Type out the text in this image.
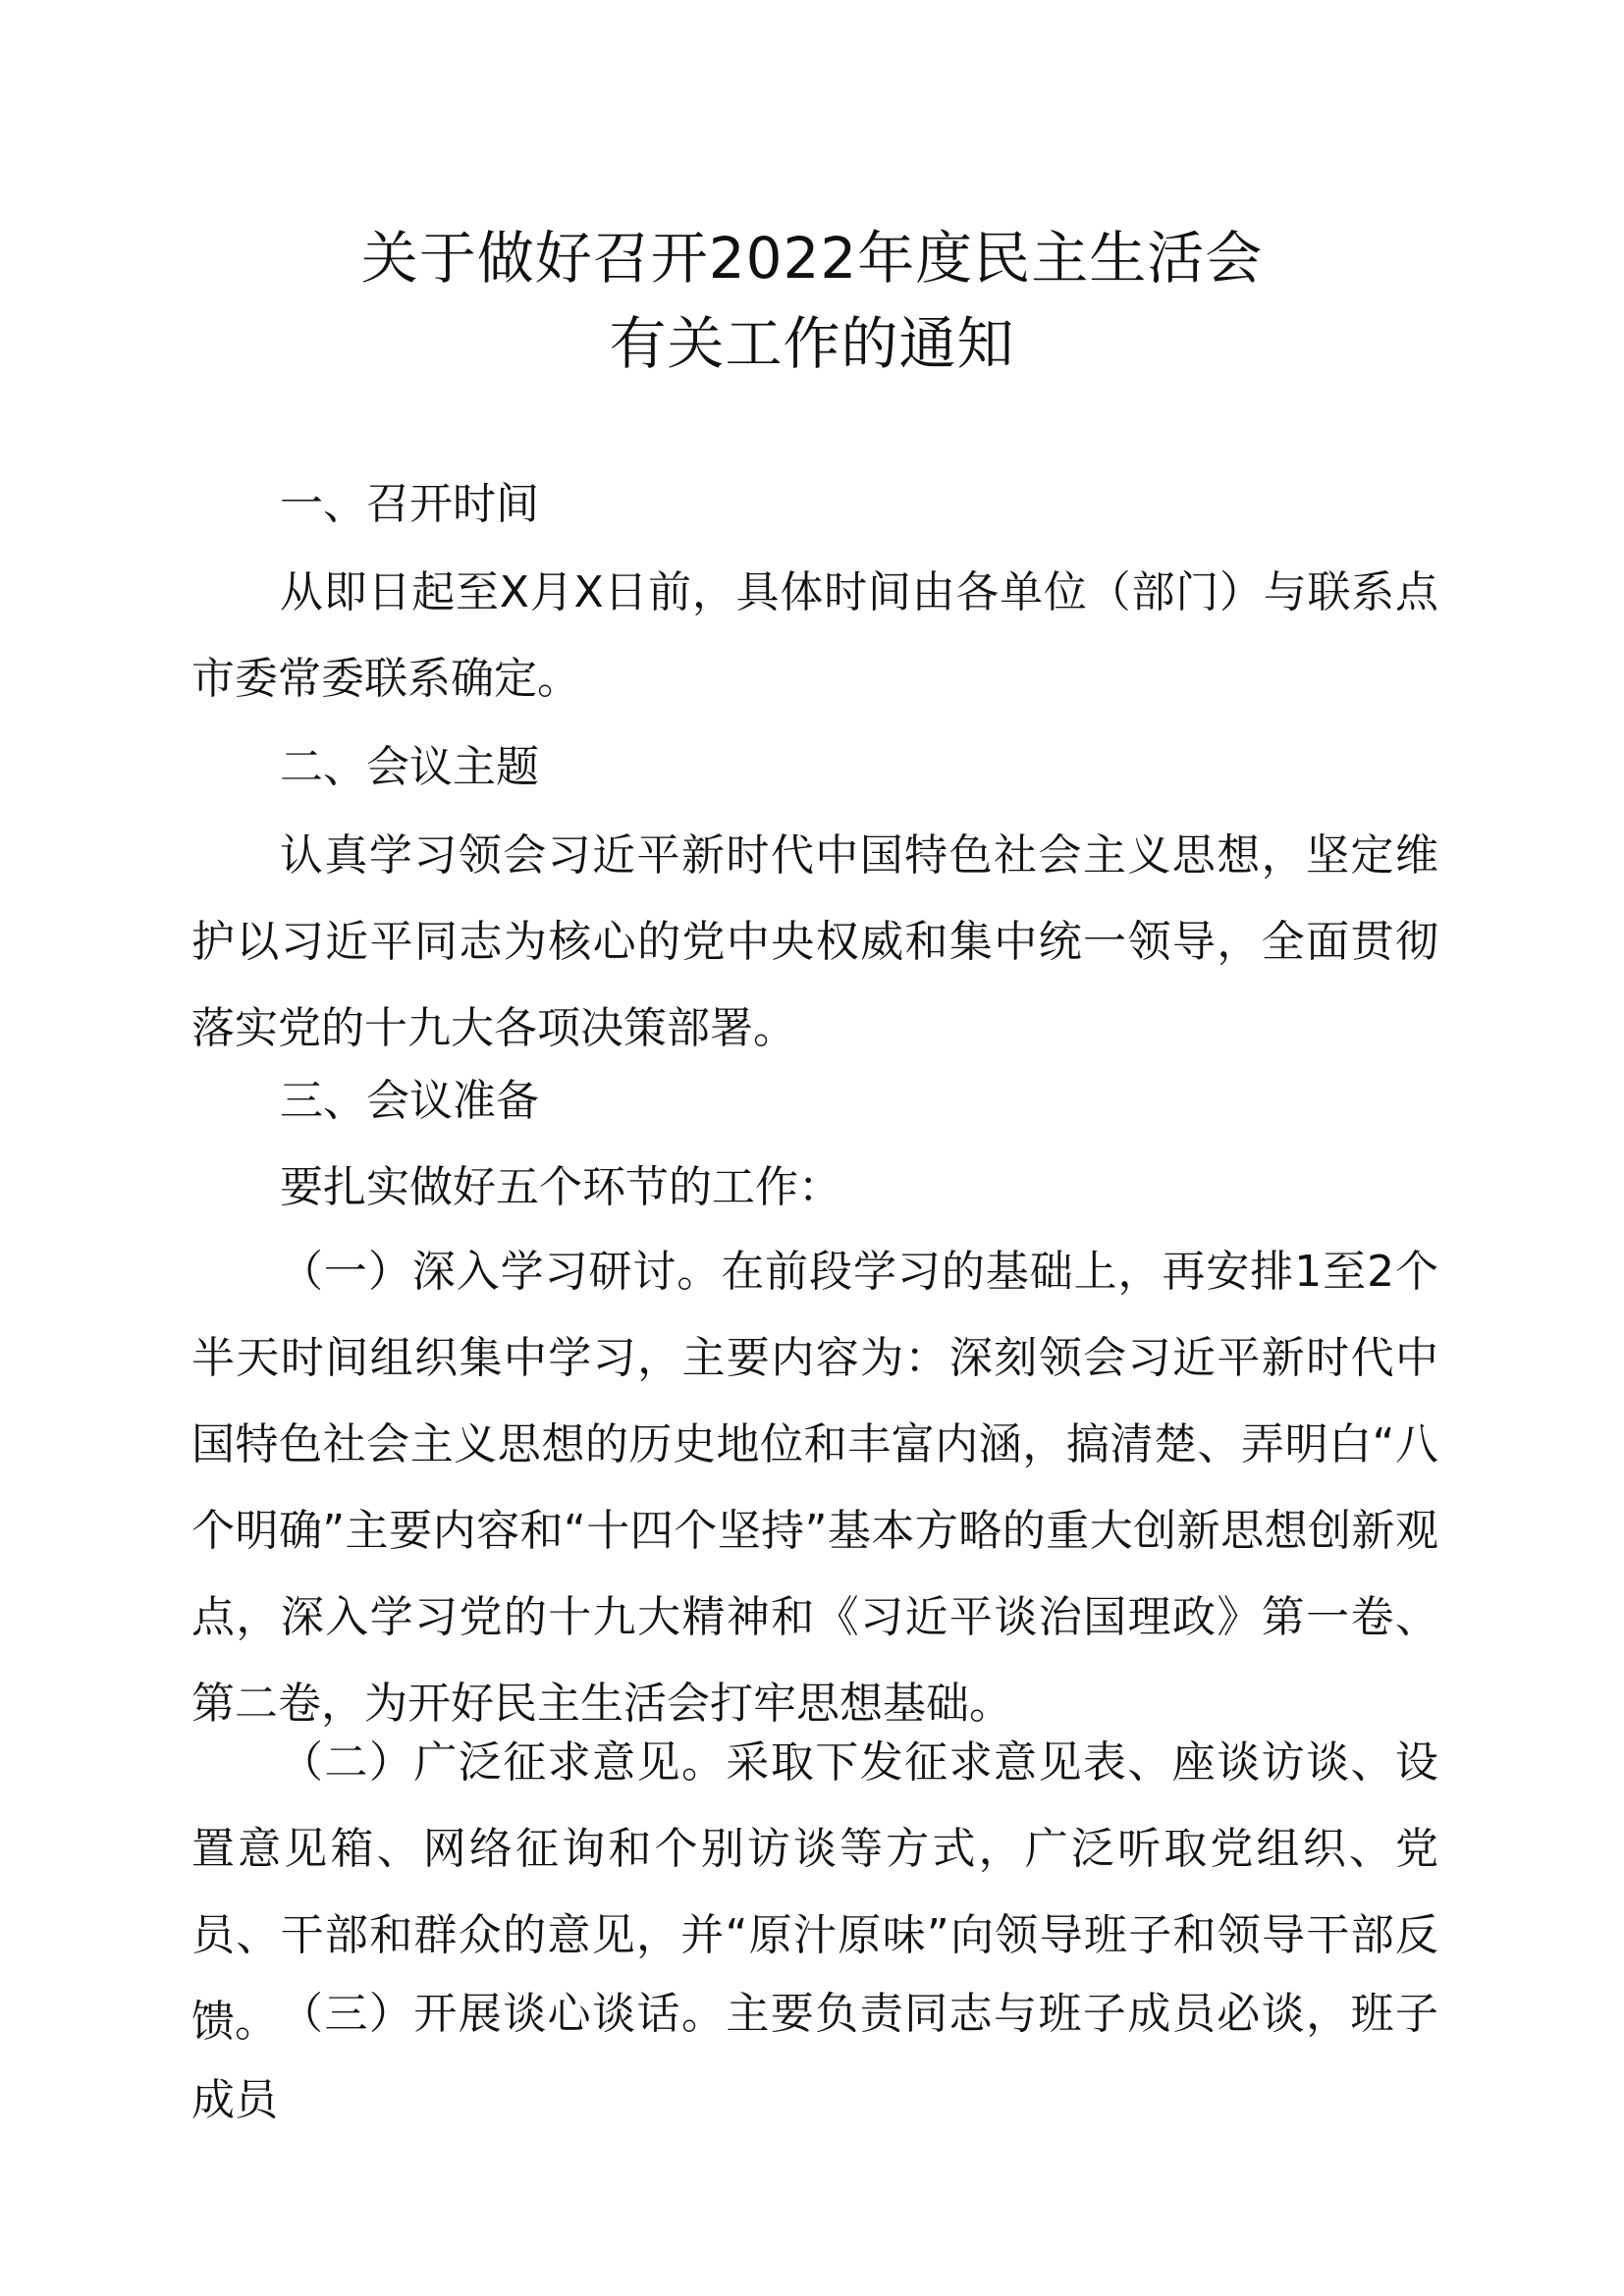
关于做好召开2022年度民主生活会
有关工作的通知
一、召开时间
从即日起至X月X日前，具体时间由各单位（部门）与联系点市委常委联系确定。
二、会议主题
认真学习领会习近平新时代中国特色社会主义思想，坚定维护以习近平同志为核心的党中央权威和集中统一领导，全面贯彻落实党的十九大各项决策部署。
三、会议准备
要扎实做好五个环节的工作：
（一）深入学习研讨。在前段学习的基础上，再安排1至2个半天时间组织集中学习，主要内容为：深刻领会习近平新时代中国特色社会主义思想的历史地位和丰富内涵，搞清楚、弄明白“八个明确”主要内容和“十四个坚持”基本方略的重大创新思想创新观点，深入学习党的十九大精神和《习近平谈治国理政》第一卷、第二卷，为开好民主生活会打牢思想基础。
（二）广泛征求意见。采取下发征求意见表、座谈访谈、设置意见箱、网络征询和个别访谈等方式，广泛听取党组织、党员、干部和群众的意见，并“原汁原味”向领导班子和领导干部反馈。 （三）开展谈心谈话。主要负责同志与班子成员必谈，班子成员
